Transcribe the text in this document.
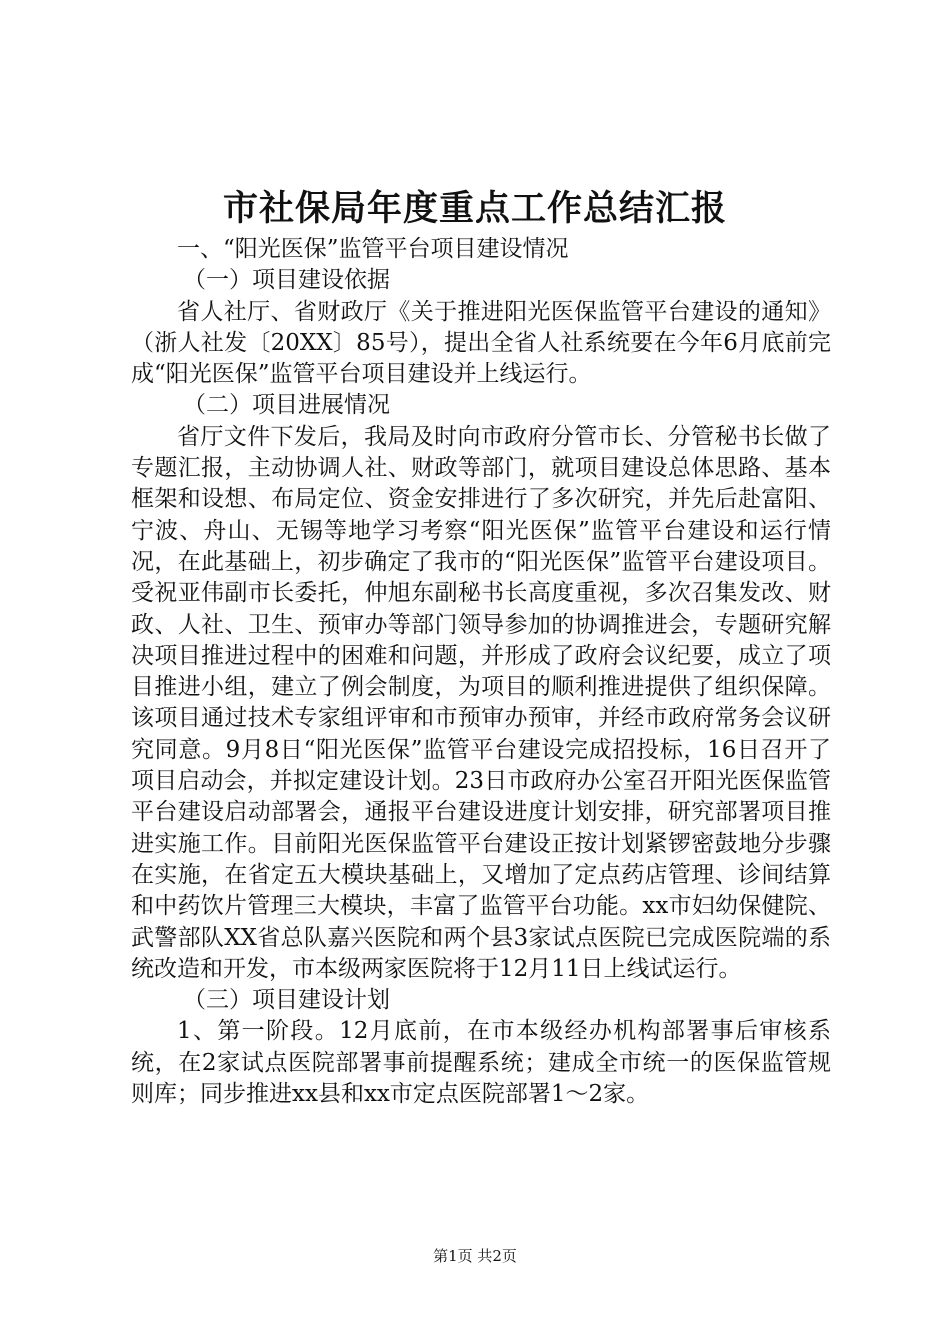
市社保局年度重点工作总结汇报

一、“阳光医保”监管平台项目建设情况

（一）项目建设依据

省人社厅、省财政厅《关于推进阳光医保监管平台建设的通知》（浙人社发〔20XX〕85号），提出全省人社系统要在今年6月底前完成“阳光医保”监管平台项目建设并上线运行。

（二）项目进展情况

省厅文件下发后，我局及时向市政府分管市长、分管秘书长做了专题汇报，主动协调人社、财政等部门，就项目建设总体思路、基本框架和设想、布局定位、资金安排进行了多次研究，并先后赴富阳、宁波、舟山、无锡等地学习考察“阳光医保”监管平台建设和运行情况，在此基础上，初步确定了我市的“阳光医保”监管平台建设项目。受祝亚伟副市长委托，仲旭东副秘书长高度重视，多次召集发改、财政、人社、卫生、预审办等部门领导参加的协调推进会，专题研究解决项目推进过程中的困难和问题，并形成了政府会议纪要，成立了项目推进小组，建立了例会制度，为项目的顺利推进提供了组织保障。该项目通过技术专家组评审和市预审办预审，并经市政府常务会议研究同意。9月8日“阳光医保”监管平台建设完成招投标，16日召开了项目启动会，并拟定建设计划。23日市政府办公室召开阳光医保监管平台建设启动部署会，通报平台建设进度计划安排，研究部署项目推进实施工作。目前阳光医保监管平台建设正按计划紧锣密鼓地分步骤在实施，在省定五大模块基础上，又增加了定点药店管理、诊间结算和中药饮片管理三大模块，丰富了监管平台功能。xx市妇幼保健院、武警部队XX省总队嘉兴医院和两个县3家试点医院已完成医院端的系统改造和开发，市本级两家医院将于12月11日上线试运行。

（三）项目建设计划

1、第一阶段。12月底前，在市本级经办机构部署事后审核系统，在2家试点医院部署事前提醒系统；建成全市统一的医保监管规则库；同步推进xx县和xx市定点医院部署1～2家。

第1页 共2页
